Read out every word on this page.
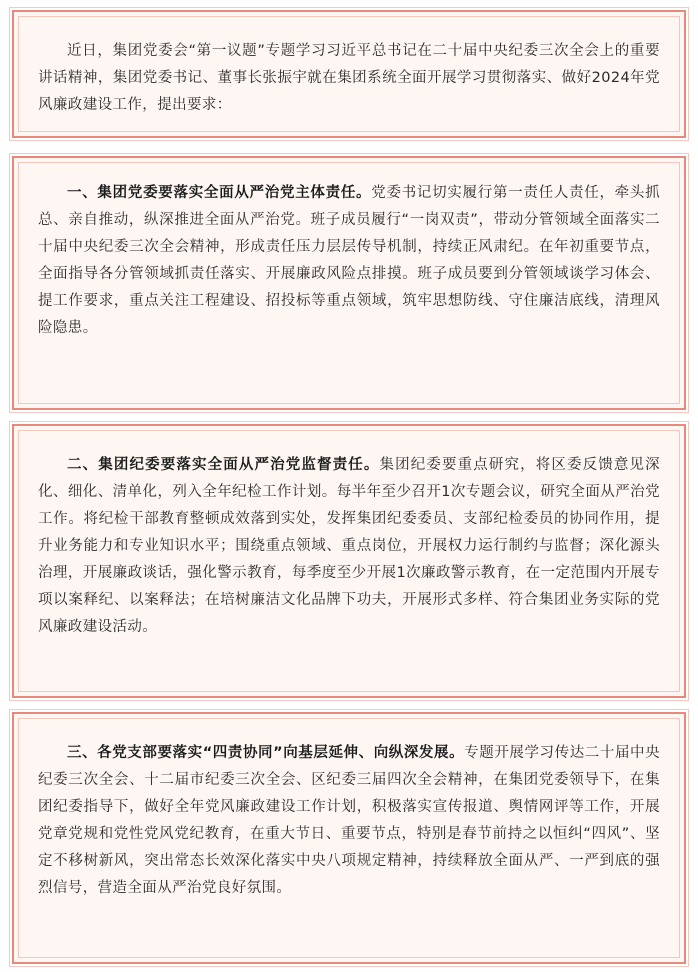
近日，集团党委会“第一议题”专题学习习近平总书记在二十届中央纪委三次全会上的重要讲话精神，集团党委书记、董事长张振宇就在集团系统全面开展学习贯彻落实、做好2024年党风廉政建设工作，提出要求：

一、集团党委要落实全面从严治党主体责任。党委书记切实履行第一责任人责任，牵头抓总、亲自推动，纵深推进全面从严治党。班子成员履行“一岗双责”，带动分管领域全面落实二十届中央纪委三次全会精神，形成责任压力层层传导机制，持续正风肃纪。在年初重要节点，全面指导各分管领域抓责任落实、开展廉政风险点排摸。班子成员要到分管领域谈学习体会、提工作要求，重点关注工程建设、招投标等重点领域，筑牢思想防线、守住廉洁底线，清理风险隐患。

二、集团纪委要落实全面从严治党监督责任。集团纪委要重点研究，将区委反馈意见深化、细化、清单化，列入全年纪检工作计划。每半年至少召开1次专题会议，研究全面从严治党工作。将纪检干部教育整顿成效落到实处，发挥集团纪委委员、支部纪检委员的协同作用，提升业务能力和专业知识水平；围绕重点领域、重点岗位，开展权力运行制约与监督；深化源头治理，开展廉政谈话，强化警示教育，每季度至少开展1次廉政警示教育，在一定范围内开展专项以案释纪、以案释法；在培树廉洁文化品牌下功夫，开展形式多样、符合集团业务实际的党风廉政建设活动。

三、各党支部要落实“四责协同”向基层延伸、向纵深发展。专题开展学习传达二十届中央纪委三次全会、十二届市纪委三次全会、区纪委三届四次全会精神，在集团党委领导下，在集团纪委指导下，做好全年党风廉政建设工作计划，积极落实宣传报道、舆情网评等工作，开展党章党规和党性党风党纪教育，在重大节日、重要节点，特别是春节前持之以恒纠“四风”、坚定不移树新风，突出常态长效深化落实中央八项规定精神，持续释放全面从严、一严到底的强烈信号，营造全面从严治党良好氛围。
